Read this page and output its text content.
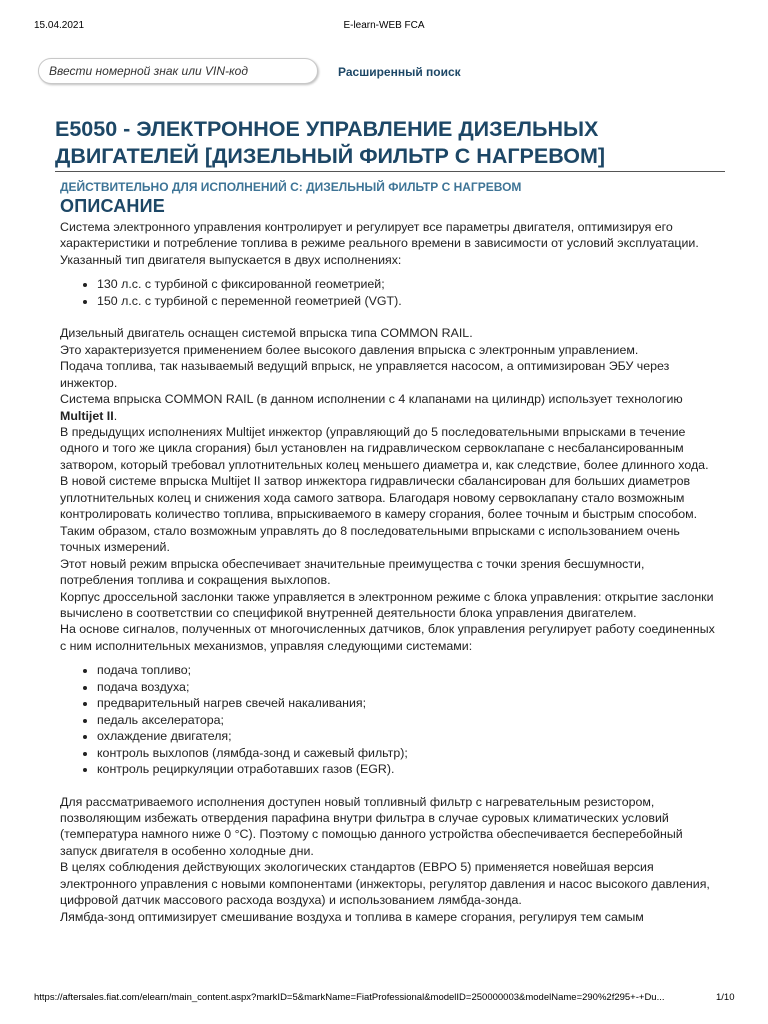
15.04.2021	E-learn-WEB FCA
Ввести номерной знак или VIN-код
Расширенный поиск
E5050 - ЭЛЕКТРОННОЕ УПРАВЛЕНИЕ ДИЗЕЛЬНЫХ ДВИГАТЕЛЕЙ [ДИЗЕЛЬНЫЙ ФИЛЬТР С НАГРЕВОМ]
ДЕЙСТВИТЕЛЬНО ДЛЯ ИСПОЛНЕНИЙ С: ДИЗЕЛЬНЫЙ ФИЛЬТР С НАГРЕВОМ
ОПИСАНИЕ

Система электронного управления контролирует и регулирует все параметры двигателя, оптимизируя его характеристики и потребление топлива в режиме реального времени в зависимости от условий эксплуатации.

Указанный тип двигателя выпускается в двух исполнениях:

• 130 л.с. с турбиной с фиксированной геометрией;
• 150 л.с. с турбиной с переменной геометрией (VGT).

Дизельный двигатель оснащен системой впрыска типа COMMON RAIL.

Это характеризуется применением более высокого давления впрыска с электронным управлением.

Подача топлива, так называемый ведущий впрыск, не управляется насосом, а оптимизирован ЭБУ через инжектор.

Система впрыска COMMON RAIL (в данном исполнении с 4 клапанами на цилиндр) использует технологию Multijet II.

В предыдущих исполнениях Multijet инжектор (управляющий до 5 последовательными впрысками в течение одного и того же цикла сгорания) был установлен на гидравлическом сервоклапане с несбалансированным затвором, который требовал уплотнительных колец меньшего диаметра и, как следствие, более длинного хода.

В новой системе впрыска Multijet II затвор инжектора гидравлически сбалансирован для больших диаметров уплотнительных колец и снижения хода самого затвора. Благодаря новому сервоклапану стало возможным контролировать количество топлива, впрыскиваемого в камеру сгорания, более точным и быстрым способом. Таким образом, стало возможным управлять до 8 последовательными впрысками с использованием очень точных измерений.

Этот новый режим впрыска обеспечивает значительные преимущества с точки зрения бесшумности, потребления топлива и сокращения выхлопов.

Корпус дроссельной заслонки также управляется в электронном режиме с блока управления: открытие заслонки вычислено в соответствии со спецификой внутренней деятельности блока управления двигателем.

На основе сигналов, полученных от многочисленных датчиков, блок управления регулирует работу соединенных с ним исполнительных механизмов, управляя следующими системами:

• подача топливо;
• подача воздуха;
• предварительный нагрев свечей накаливания;
• педаль акселератора;
• охлаждение двигателя;
• контроль выхлопов (лямбда-зонд и сажевый фильтр);
• контроль рециркуляции отработавших газов (EGR).

Для рассматриваемого исполнения доступен новый топливный фильтр с нагревательным резистором, позволяющим избежать отвердения парафина внутри фильтра в случае суровых климатических условий (температура намного ниже 0 °C). Поэтому с помощью данного устройства обеспечивается бесперебойный запуск двигателя в особенно холодные дни.

В целях соблюдения действующих экологических стандартов (ЕВРО 5) применяется новейшая версия электронного управления с новыми компонентами (инжекторы, регулятор давления и насос высокого давления, цифровой датчик массового расхода воздуха) и использованием лямбда-зонда.

Лямбда-зонд оптимизирует смешивание воздуха и топлива в камере сгорания, регулируя тем самым

https://aftersales.fiat.com/elearn/main_content.aspx?markID=5&markName=FiatProfessional&modelID=250000003&modelName=290%2f295+-+Du...	1/10
